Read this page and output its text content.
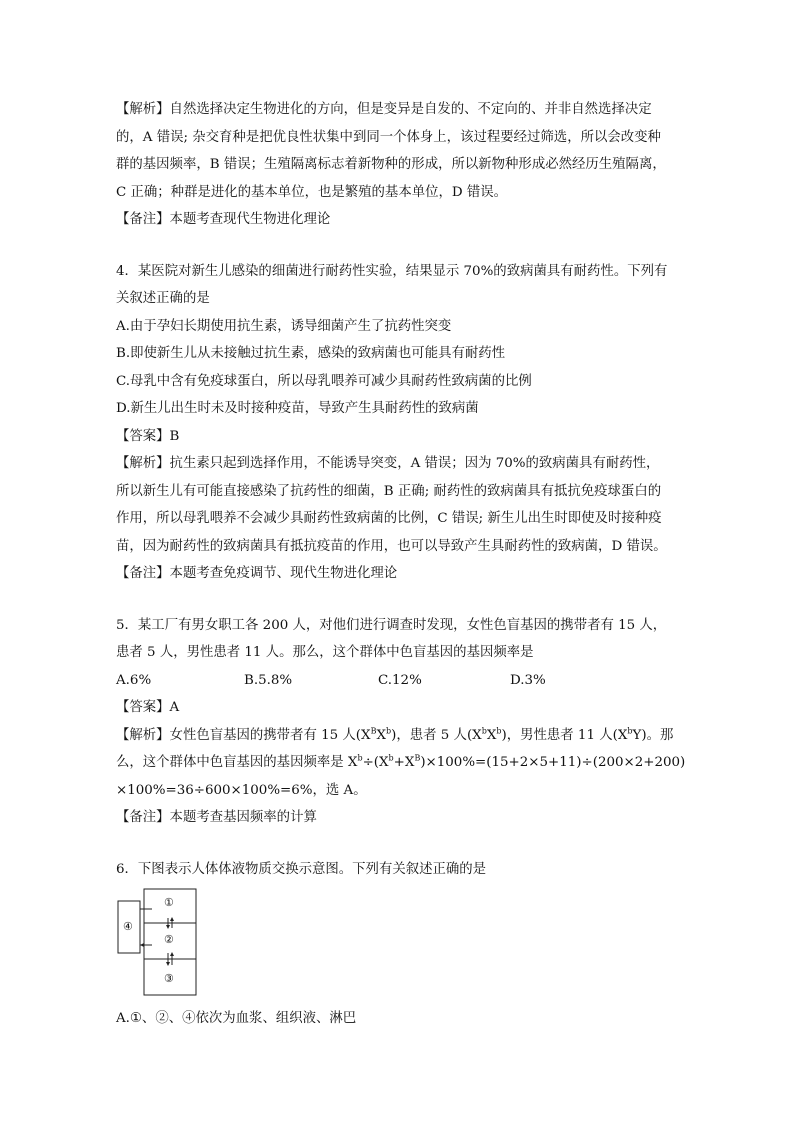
【解析】自然选择决定生物进化的方向，但是变异是自发的、不定向的、并非自然选择决定
的，A 错误; 杂交育种是把优良性状集中到同一个体身上，该过程要经过筛选，所以会改变种
群的基因频率，B 错误；生殖隔离标志着新物种的形成，所以新物种形成必然经历生殖隔离，
C 正确；种群是进化的基本单位，也是繁殖的基本单位，D 错误。
【备注】本题考查现代生物进化理论
4．某医院对新生儿感染的细菌进行耐药性实验，结果显示 70%的致病菌具有耐药性。下列有
关叙述正确的是
A.由于孕妇长期使用抗生素，诱导细菌产生了抗药性突变
B.即使新生儿从未接触过抗生素，感染的致病菌也可能具有耐药性
C.母乳中含有免疫球蛋白，所以母乳喂养可减少具耐药性致病菌的比例
D.新生儿出生时未及时接种疫苗，导致产生具耐药性的致病菌
【答案】B
【解析】抗生素只起到选择作用，不能诱导突变，A 错误；因为 70%的致病菌具有耐药性，
所以新生儿有可能直接感染了抗药性的细菌，B 正确; 耐药性的致病菌具有抵抗免疫球蛋白的
作用，所以母乳喂养不会减少具耐药性致病菌的比例，C 错误; 新生儿出生时即使及时接种疫
苗，因为耐药性的致病菌具有抵抗疫苗的作用，也可以导致产生具耐药性的致病菌，D 错误。
【备注】本题考查免疫调节、现代生物进化理论
5．某工厂有男女职工各 200 人，对他们进行调查时发现，女性色盲基因的携带者有 15 人，
患者 5 人，男性患者 11 人。那么，这个群体中色盲基因的基因频率是
A.6%	B.5.8%	C.12%	D.3%
【答案】A
【解析】女性色盲基因的携带者有 15 人$(X^BX^b)$，患者 5 人$(X^bX^b)$，男性患者 11 人$(X^bY)$。那
么，这个群体中色盲基因的基因频率是 $X^b\div(X^b+X^B)\times 100\%=(15+2\times 5+11)\div(200\times 2+200)$
×100%=36÷600×100%=6%，选 A。
【备注】本题考查基因频率的计算
6．下图表示人体体液物质交换示意图。下列有关叙述正确的是
①
②
③
④
A.①、②、④依次为血浆、组织液、淋巴
